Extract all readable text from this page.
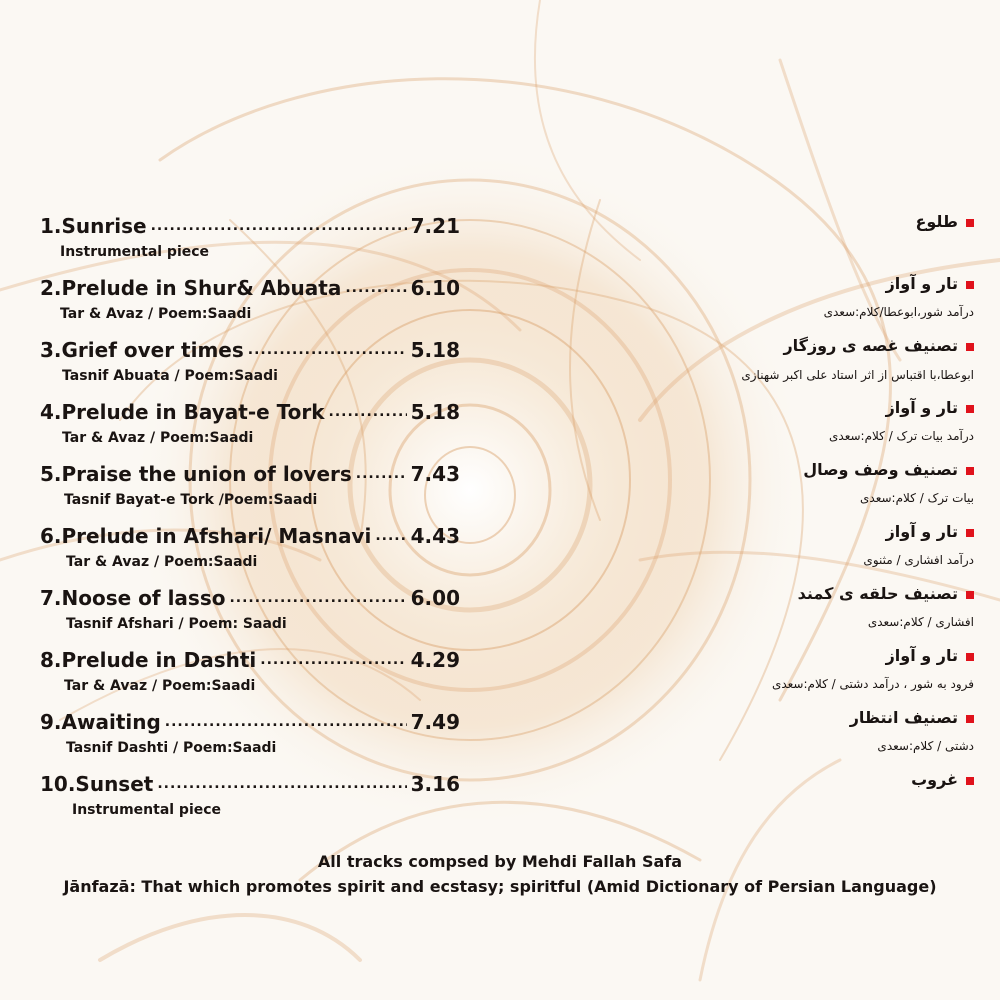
1.Sunrise .....	7.21
Instrumental piece
2.Prelude in Shur& Abuata .....	6.10
Tar & Avaz / Poem:Saadi
3.Grief over times .....	5.18
Tasnif Abuata / Poem:Saadi
4.Prelude in Bayat-e Tork .....	5.18
Tar & Avaz / Poem:Saadi
5.Praise the union of lovers .....	7.43
Tasnif Bayat-e Tork /Poem:Saadi
6.Prelude in Afshari/ Masnavi ..... 4.43
Tar & Avaz / Poem:Saadi
7.Noose of lasso .....	6.00
Tasnif Afshari / Poem: Saadi
8.Prelude in Dashti .....	4.29
Tar & Avaz / Poem:Saadi
9.Awaiting .....	7.49
Tasnif Dashti / Poem:Saadi
10.Sunset .....	3.16
Instrumental piece
طلوع
تار و آواز
درآمد شور،ابوعطا/کلام:سعدی
تصنیف غصه ی روزگار
ابوعطا،با اقتباس از اثر استاد علی اکبر شهنازی
تار و آواز
درآمد بیات ترک / کلام:سعدی
تصنیف وصف وصال
بیات ترک / کلام:سعدی
تار و آواز
درآمد افشاری / مثنوی
تصنیف حلقه ی کمند
افشاری / کلام:سعدی
تار و آواز
فرود به شور ، درآمد دشتی / کلام:سعدی
تصنیف انتظار
دشتی / کلام:سعدی
غروب
All tracks compsed by Mehdi Fallah Safa
Jānfazā: That which promotes spirit and ecstasy; spiritful (Amid Dictionary of Persian Language)
